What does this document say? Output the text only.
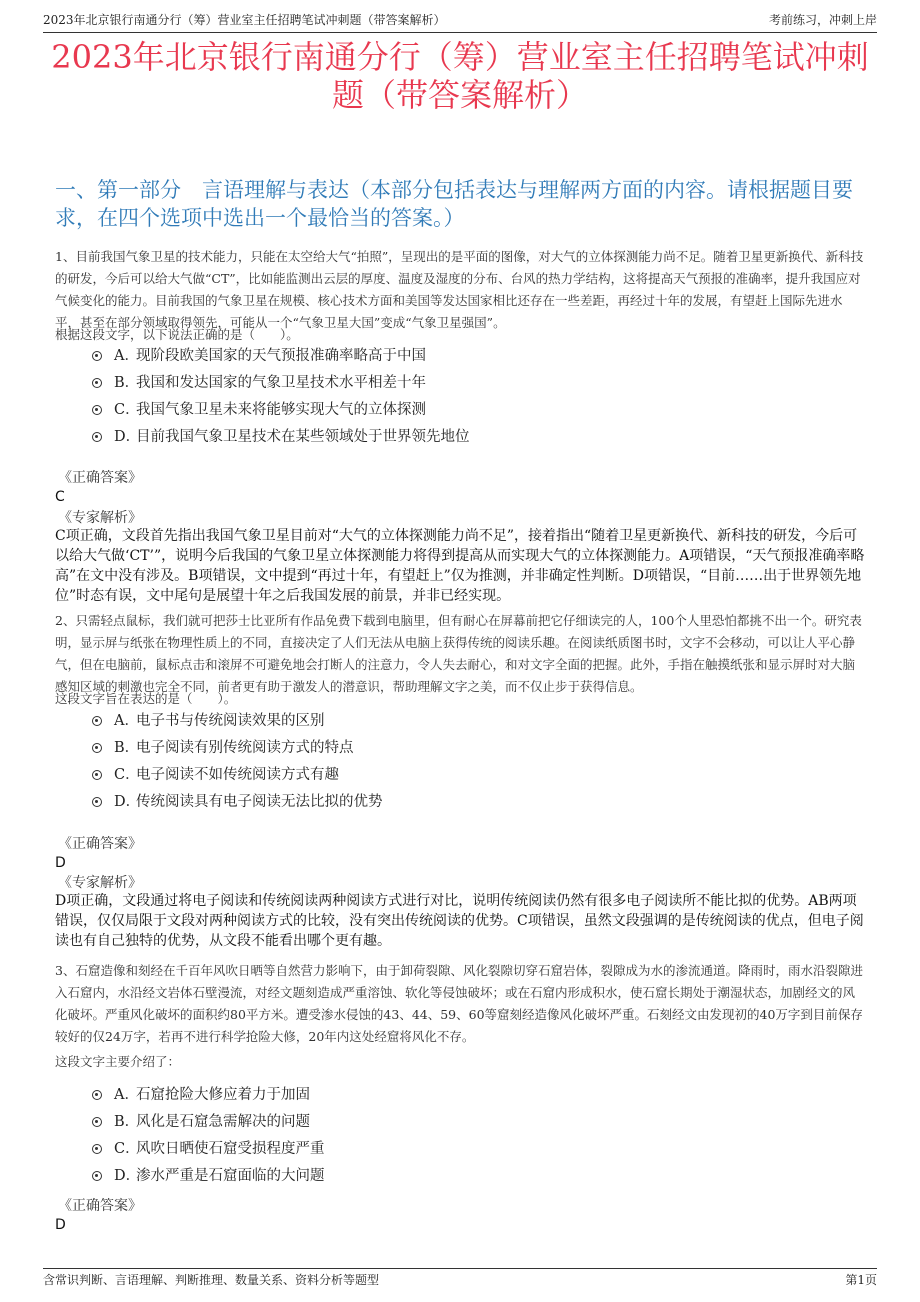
2023年北京银行南通分行（筹）营业室主任招聘笔试冲刺题（带答案解析）	考前练习，冲刺上岸
2023年北京银行南通分行（筹）营业室主任招聘笔试冲刺题（带答案解析）
一、第一部分　言语理解与表达（本部分包括表达与理解两方面的内容。请根据题目要求，在四个选项中选出一个最恰当的答案。）

1、目前我国气象卫星的技术能力，只能在太空给大气“拍照”，呈现出的是平面的图像，对大气的立体探测能力尚不足。随着卫星更新换代、新科技的研发，今后可以给大气做“CT”，比如能监测出云层的厚度、温度及湿度的分布、台风的热力学结构，这将提高天气预报的准确率，提升我国应对气候变化的能力。目前我国的气象卫星在规模、核心技术方面和美国等发达国家相比还存在一些差距，再经过十年的发展，有望赶上国际先进水平，甚至在部分领域取得领先，可能从一个“气象卫星大国”变成“气象卫星强国”。

根据这段文字，以下说法正确的是（　　）。

A．现阶段欧美国家的天气预报准确率略高于中国
B．我国和发达国家的气象卫星技术水平相差十年
C．我国气象卫星未来将能够实现大气的立体探测
D．目前我国气象卫星技术在某些领域处于世界领先地位
《正确答案》
C
《专家解析》

C项正确，文段首先指出我国气象卫星目前对“大气的立体探测能力尚不足”，接着指出“随着卫星更新换代、新科技的研发，今后可以给大气做‘CT’”，说明今后我国的气象卫星立体探测能力将得到提高从而实现大气的立体探测能力。A项错误，“天气预报准确率略高”在文中没有涉及。B项错误，文中提到“再过十年，有望赶上”仅为推测，并非确定性判断。D项错误，“目前……出于世界领先地位”时态有误，文中尾句是展望十年之后我国发展的前景，并非已经实现。

2、只需轻点鼠标，我们就可把莎士比亚所有作品免费下载到电脑里，但有耐心在屏幕前把它仔细读完的人，100个人里恐怕都挑不出一个。研究表明，显示屏与纸张在物理性质上的不同，直接决定了人们无法从电脑上获得传统的阅读乐趣。在阅读纸质图书时，文字不会移动，可以让人平心静气，但在电脑前，鼠标点击和滚屏不可避免地会打断人的注意力，令人失去耐心，和对文字全面的把握。此外，手指在触摸纸张和显示屏时对大脑感知区域的刺激也完全不同，前者更有助于激发人的潜意识，帮助理解文字之美，而不仅止步于获得信息。

这段文字旨在表达的是（　　）。

A．电子书与传统阅读效果的区别
B．电子阅读有别传统阅读方式的特点
C．电子阅读不如传统阅读方式有趣
D．传统阅读具有电子阅读无法比拟的优势
《正确答案》
D
《专家解析》

D项正确，文段通过将电子阅读和传统阅读两种阅读方式进行对比，说明传统阅读仍然有很多电子阅读所不能比拟的优势。AB两项错误，仅仅局限于文段对两种阅读方式的比较，没有突出传统阅读的优势。C项错误，虽然文段强调的是传统阅读的优点，但电子阅读也有自己独特的优势，从文段不能看出哪个更有趣。

3、石窟造像和刻经在千百年风吹日晒等自然营力影响下，由于卸荷裂隙、风化裂隙切穿石窟岩体，裂隙成为水的渗流通道。降雨时，雨水沿裂隙进入石窟内，水沿经文岩体石壁漫流，对经文题刻造成严重溶蚀、软化等侵蚀破坏；或在石窟内形成积水，使石窟长期处于潮湿状态，加剧经文的风化破坏。严重风化破坏的面积约80平方米。遭受渗水侵蚀的43、44、59、60等窟刻经造像风化破坏严重。石刻经文由发现初的40万字到目前保存较好的仅24万字，若再不进行科学抢险大修，20年内这处经窟将风化不存。

这段文字主要介绍了：

A．石窟抢险大修应着力于加固
B．风化是石窟急需解决的问题
C．风吹日晒使石窟受损程度严重
D．渗水严重是石窟面临的大问题
《正确答案》
D
含常识判断、言语理解、判断推理、数量关系、资料分析等题型	第1页
